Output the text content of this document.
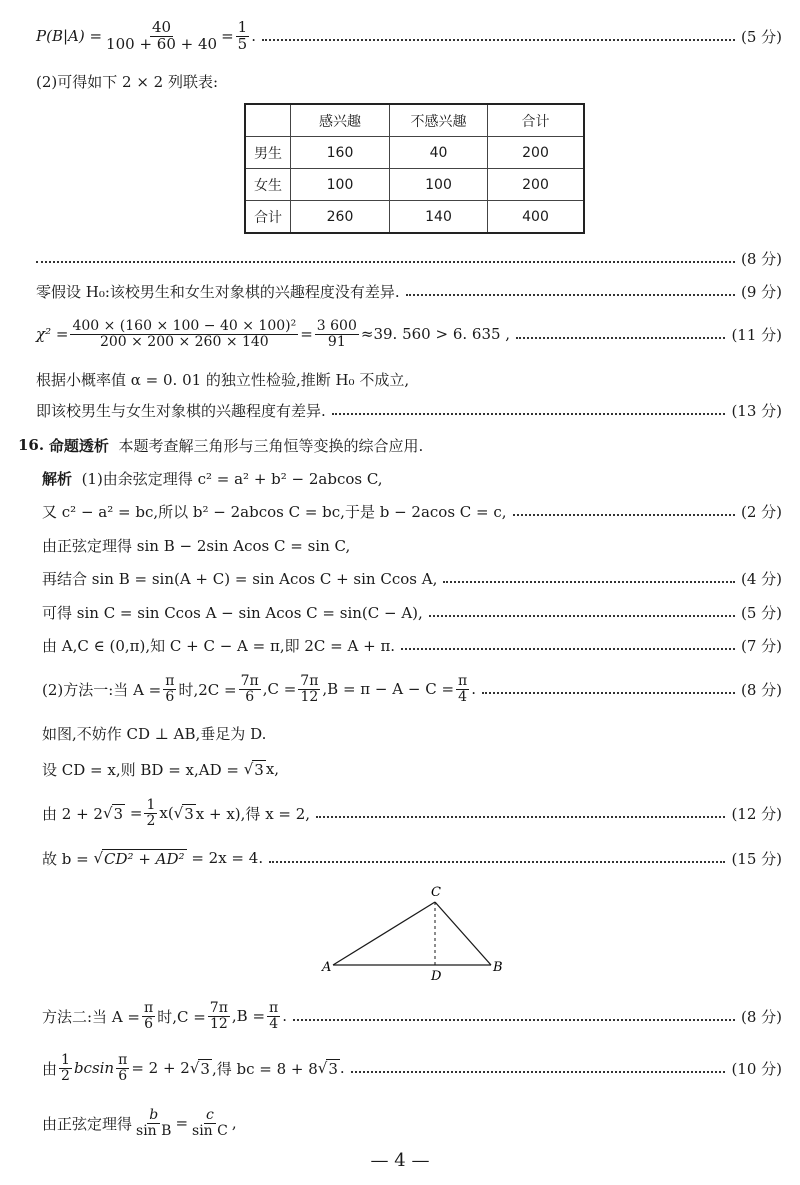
$P(B|A) = \frac{40}{100 + 60 + 40} = \frac{1}{5}$ .	(5 分)
(2)可得如下 2 × 2 列联表:
	感兴趣	不感兴趣	合计
男生	160	40	200
女生	100	100	200
合计	260	140	400
(8 分)
零假设 H₀:该校男生和女生对象棋的兴趣程度没有差异.	(9 分)
$\chi^2 = \frac{\text{400 × (160 × 100 − 40 × 100)²}}{200 \times 200 \times 260 \times 140} = \frac{3 600}{91} \approx 39$. 560 > 6. 635 ,	(11 分)
根据小概率值 α = 0. 01 的独立性检验,推断 H₀ 不成立,
即该校男生与女生对象棋的兴趣程度有差异.	(13 分)
16.
命题透析
本题考查解三角形与三角恒等变换的综合应用.
解析
(1)由余弦定理得 c² = a² + b² − 2abcos C,
又 c² − a² = bc,所以 b² − 2abcos C = bc,于是 b − 2acos C = c,	(2 分)
由正弦定理得 sin B − 2sin Acos C = sin C,
再结合 sin B = sin(A + C) = sin Acos C + sin Ccos A,	(4 分)
可得 sin C = sin Ccos A − sin Acos C = sin(C − A),	(5 分)
由 A,C ∈ (0,π),知 C + C − A = π,即 2C = A + π.	(7 分)
(2)方法一:当 $A = \frac{\pi}{6}$ 时$,2C = \frac{7\pi}{6} ,C = \frac{7\pi}{12} ,B = \pi - A - C = \frac{\pi}{4}$ .	(8 分)
如图,不妨作 CD ⊥ AB,垂足为 D.
设 CD = x,则 BD = x,AD = √ 3 x,
由 2 + 2 √ 3
= $\frac{1}{2} x$( √ 3 x + x),得 x = 2,	(12 分)
故 b = √ CD² + AD²
= 2x = 4.	(15 分)
A	B
C
D
方法二:当 $A = \frac{\pi}{6}$ 时$,C = \frac{7\pi}{12} ,B = \frac{\pi}{4}$ .	(8 分)
由 $\frac{1}{2}$ bcsin $\frac{\pi}{6} = 2 + 2$ √ 3 ,得 bc = 8 + 8 √ 3 .	(10 分)
由正弦定理得 $\frac{b}{\text{sin B}} = \frac{c}{\text{sin C}}$ ,
— 4 —
